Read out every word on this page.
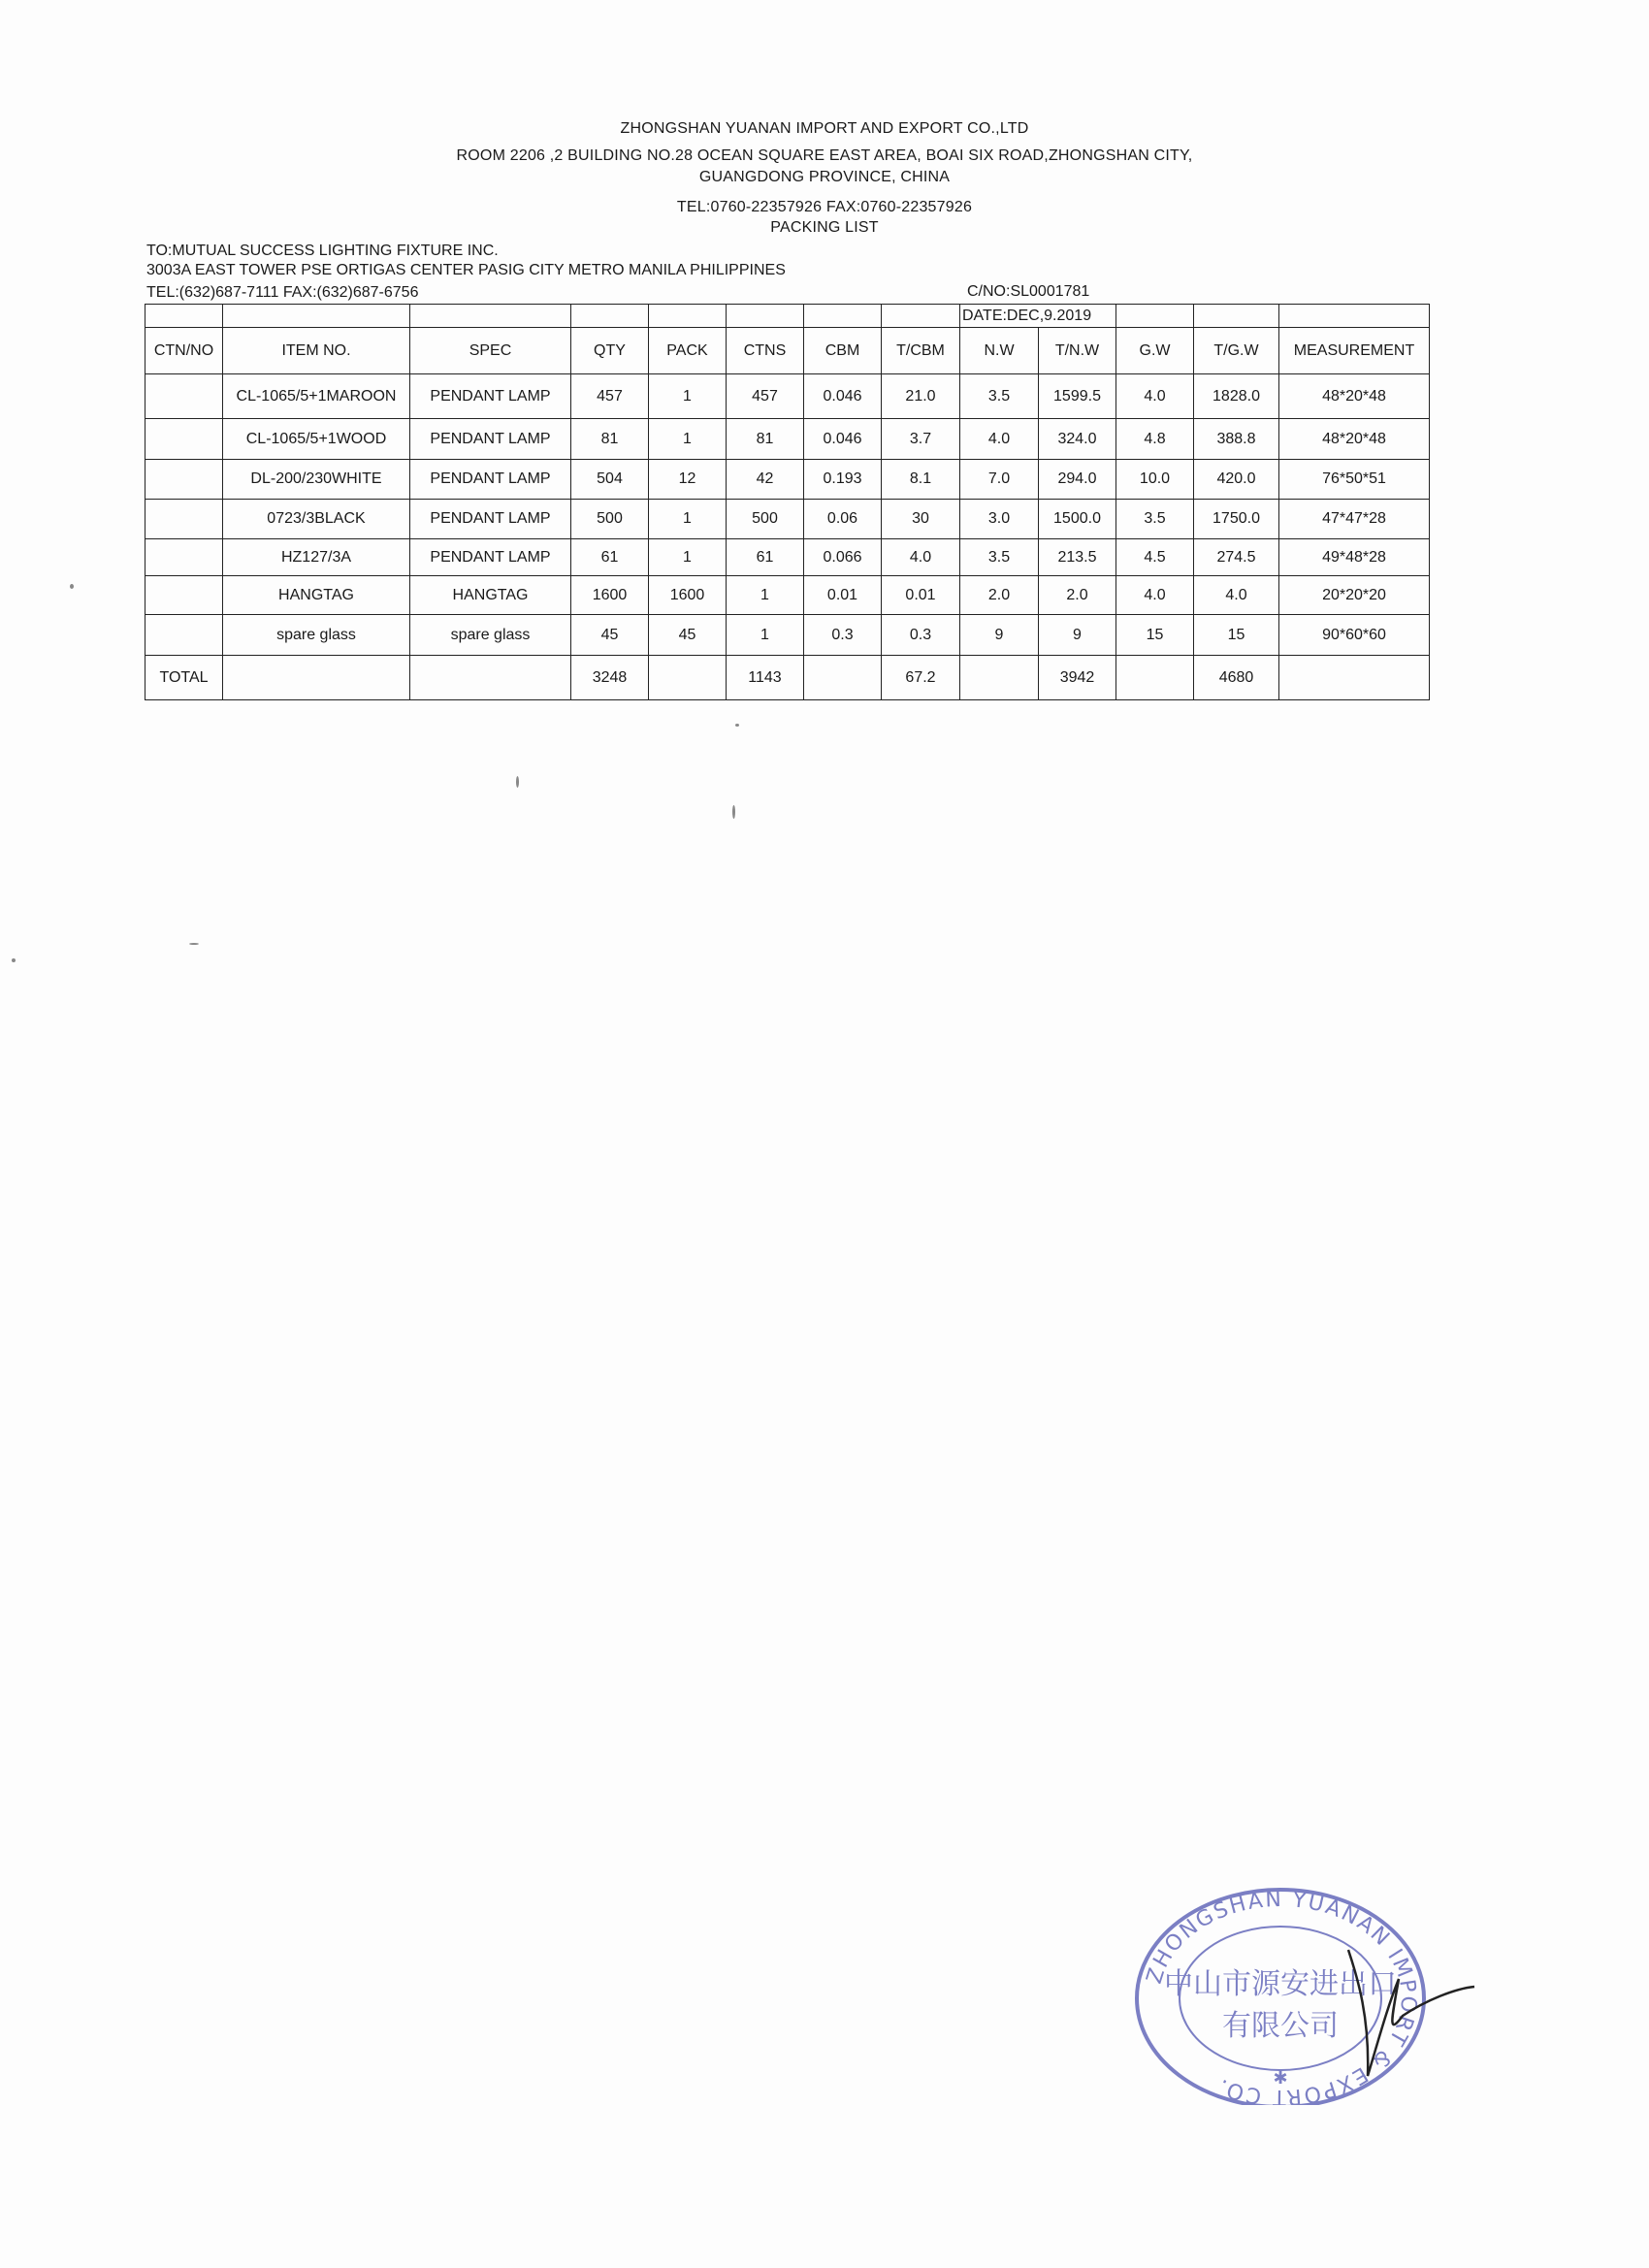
ZHONGSHAN YUANAN IMPORT AND EXPORT CO.,LTD
ROOM 2206 ,2 BUILDING NO.28 OCEAN SQUARE EAST AREA, BOAI SIX ROAD,ZHONGSHAN CITY,
GUANGDONG PROVINCE, CHINA
TEL:0760-22357926 FAX:0760-22357926
PACKING LIST
TO:MUTUAL SUCCESS LIGHTING FIXTURE INC.
3003A EAST TOWER PSE ORTIGAS CENTER PASIG CITY METRO MANILA PHILIPPINES
TEL:(632)687-7111 FAX:(632)687-6756	C/NO:SL0001781
								DATE:DEC,9.2019				
CTN/NO	ITEM NO.	SPEC	QTY	PACK	CTNS	CBM	T/CBM	N.W	T/N.W	G.W	T/G.W	MEASUREMENT
	CL-1065/5+1MAROON	PENDANT LAMP	457	1	457	0.046	21.0	3.5	1599.5	4.0	1828.0	48*20*48
	CL-1065/5+1WOOD	PENDANT LAMP	81	1	81	0.046	3.7	4.0	324.0	4.8	388.8	48*20*48
	DL-200/230WHITE	PENDANT LAMP	504	12	42	0.193	8.1	7.0	294.0	10.0	420.0	76*50*51
	0723/3BLACK	PENDANT LAMP	500	1	500	0.06	30	3.0	1500.0	3.5	1750.0	47*47*28
	HZ127/3A	PENDANT LAMP	61	1	61	0.066	4.0	3.5	213.5	4.5	274.5	49*48*28
	HANGTAG	HANGTAG	1600	1600	1	0.01	0.01	2.0	2.0	4.0	4.0	20*20*20
	spare glass	spare glass	45	45	1	0.3	0.3	9	9	15	15	90*60*60
TOTAL			3248		1143		67.2		3942		4680	
ZHONGSHAN YUANAN IMPORT & EXPORT CO.
中山市源安进出口
有限公司
✱
